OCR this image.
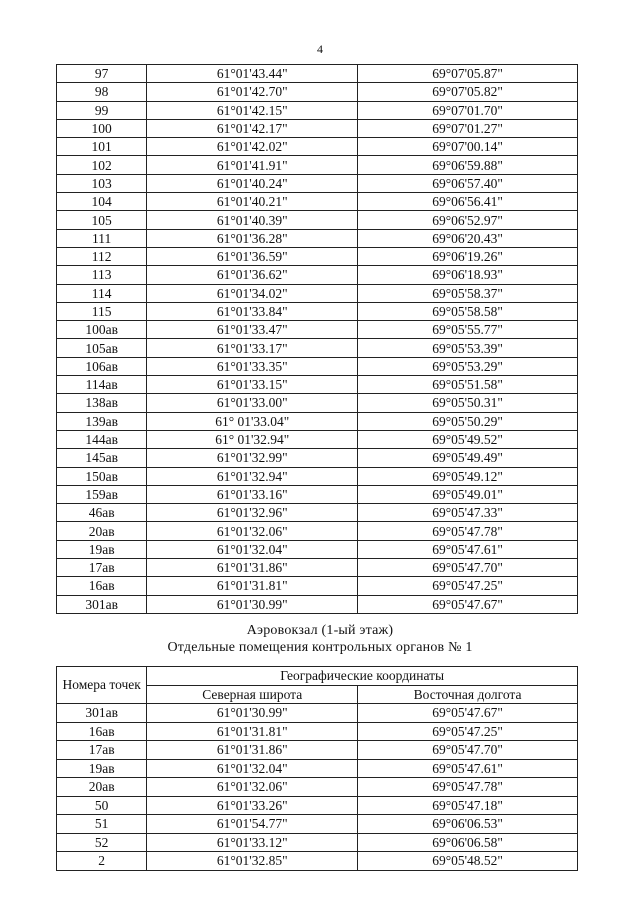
4
97	61°01'43.44"	69°07'05.87"
98	61°01'42.70"	69°07'05.82"
99	61°01'42.15"	69°07'01.70"
100	61°01'42.17"	69°07'01.27"
101	61°01'42.02"	69°07'00.14"
102	61°01'41.91"	69°06'59.88"
103	61°01'40.24"	69°06'57.40"
104	61°01'40.21"	69°06'56.41"
105	61°01'40.39"	69°06'52.97"
111	61°01'36.28"	69°06'20.43"
112	61°01'36.59"	69°06'19.26"
113	61°01'36.62"	69°06'18.93"
114	61°01'34.02"	69°05'58.37"
115	61°01'33.84"	69°05'58.58"
100ав	61°01'33.47"	69°05'55.77"
105ав	61°01'33.17"	69°05'53.39"
106ав	61°01'33.35"	69°05'53.29"
114ав	61°01'33.15"	69°05'51.58"
138ав	61°01'33.00"	69°05'50.31"
139ав	61° 01'33.04"	69°05'50.29"
144ав	61° 01'32.94"	69°05'49.52"
145ав	61°01'32.99"	69°05'49.49"
150ав	61°01'32.94"	69°05'49.12"
159ав	61°01'33.16"	69°05'49.01"
46ав	61°01'32.96"	69°05'47.33"
20ав	61°01'32.06"	69°05'47.78"
19ав	61°01'32.04"	69°05'47.61"
17ав	61°01'31.86"	69°05'47.70"
16ав	61°01'31.81"	69°05'47.25"
301ав	61°01'30.99"	69°05'47.67"
Аэровокзал (1-ый этаж)
Отдельные помещения контрольных органов № 1
Номера точек	Географические координаты	
	Северная широта	Восточная долгота
301ав	61°01'30.99"	69°05'47.67"
16ав	61°01'31.81"	69°05'47.25"
17ав	61°01'31.86"	69°05'47.70"
19ав	61°01'32.04"	69°05'47.61"
20ав	61°01'32.06"	69°05'47.78"
50	61°01'33.26"	69°05'47.18"
51	61°01'54.77"	69°06'06.53"
52	61°01'33.12"	69°06'06.58"
2	61°01'32.85"	69°05'48.52"
